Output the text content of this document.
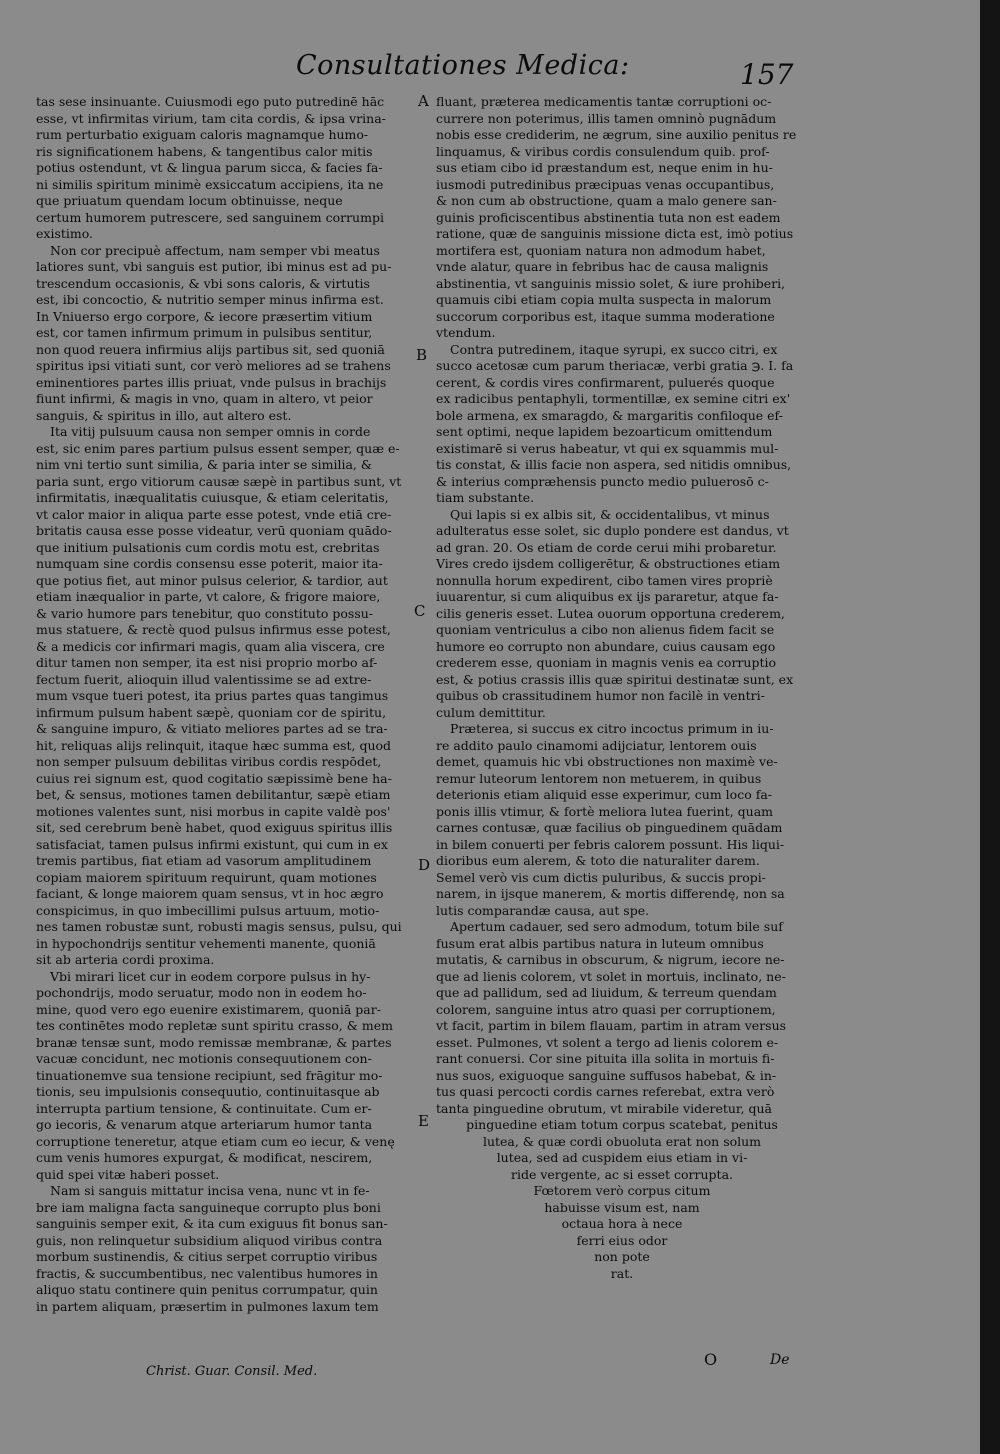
Consultationes Medica:	157
tas sese insinuante. Cuiusmodi ego puto putredinē hāc
esse, vt infirmitas virium, tam cita cordis, & ipsa vrina-
rum perturbatio exiguam caloris magnamque humo-
ris significationem habens, & tangentibus calor mitis
potius ostendunt, vt & lingua parum sicca, & facies fa-
ni similis spiritum minimè exsiccatum accipiens, ita ne
que priuatum quendam locum obtinuisse, neque
certum humorem putrescere, sed sanguinem corrumpi
existimo.
Non cor precipuè affectum, nam semper vbi meatus
latiores sunt, vbi sanguis est putior, ibi minus est ad pu-
trescendum occasionis, & vbi sons caloris, & virtutis
est, ibi concoctio, & nutritio semper minus infirma est.
In Vniuerso ergo corpore, & iecore præsertim vitium
est, cor tamen infirmum primum in pulsibus sentitur,
non quod reuera infirmius alijs partibus sit, sed quoniā
spiritus ipsi vitiati sunt, cor verò meliores ad se trahens
eminentiores partes illis priuat, vnde pulsus in brachijs
fiunt infirmi, & magis in vno, quam in altero, vt peior
sanguis, & spiritus in illo, aut altero est.
Ita vitij pulsuum causa non semper omnis in corde
est, sic enim pares partium pulsus essent semper, quæ e-
nim vni tertio sunt similia, & paria inter se similia, &
paria sunt, ergo vitiorum causæ sæpè in partibus sunt, vt
infirmitatis, inæqualitatis cuiusque, & etiam celeritatis,
vt calor maior in aliqua parte esse potest, vnde etiā cre-
britatis causa esse posse videatur, verū quoniam quādo-
que initium pulsationis cum cordis motu est, crebritas
numquam sine cordis consensu esse poterit, maior ita-
que potius fiet, aut minor pulsus celerior, & tardior, aut
etiam inæqualior in parte, vt calore, & frigore maiore,
& vario humore pars tenebitur, quo constituto possu-
mus statuere, & rectè quod pulsus infirmus esse potest,
& a medicis cor infirmari magis, quam alia viscera, cre
ditur tamen non semper, ita est nisi proprio morbo af-
fectum fuerit, alioquin illud valentissime se ad extre-
mum vsque tueri potest, ita prius partes quas tangimus
infirmum pulsum habent sæpè, quoniam cor de spiritu,
& sanguine impuro, & vitiato meliores partes ad se tra-
hit, reliquas alijs relinquit, itaque hæc summa est, quod
non semper pulsuum debilitas viribus cordis respōdet,
cuius rei signum est, quod cogitatio sæpissimè bene ha-
bet, & sensus, motiones tamen debilitantur, sæpè etiam
motiones valentes sunt, nisi morbus in capite valdè pos'
sit, sed cerebrum benè habet, quod exiguus spiritus illis
satisfaciat, tamen pulsus infirmi existunt, qui cum in ex
tremis partibus, fiat etiam ad vasorum amplitudinem
copiam maiorem spirituum requirunt, quam motiones
faciant, & longe maiorem quam sensus, vt in hoc ægro
conspicimus, in quo imbecillimi pulsus artuum, motio-
nes tamen robustæ sunt, robusti magis sensus, pulsu, qui
in hypochondrijs sentitur vehementi manente, quoniā
sit ab arteria cordi proxima.
Vbi mirari licet cur in eodem corpore pulsus in hy-
pochondrijs, modo seruatur, modo non in eodem ho-
mine, quod vero ego euenire existimarem, quoniā par-
tes continētes modo repletæ sunt spiritu crasso, & mem
branæ tensæ sunt, modo remissæ membranæ, & partes
vacuæ concidunt, nec motionis consequutionem con-
tinuationemve sua tensione recipiunt, sed frāgitur mo-
tionis, seu impulsionis consequutio, continuitasque ab
interrupta partium tensione, & continuitate. Cum er-
go iecoris, & venarum atque arteriarum humor tanta
corruptione teneretur, atque etiam cum eo iecur, & venę
cum venis humores expurgat, & modificat, nescirem,
quid spei vitæ haberi posset.
Nam si sanguis mittatur incisa vena, nunc vt in fe-
bre iam maligna facta sanguineque corrupto plus boni
sanguinis semper exit, & ita cum exiguus fit bonus san-
guis, non relinquetur subsidium aliquod viribus contra
morbum sustinendis, & citius serpet corruptio viribus
fractis, & succumbentibus, nec valentibus humores in
aliquo statu continere quin penitus corrumpatur, quin
in partem aliquam, præsertim in pulmones laxum tem
fluant, præterea medicamentis tantæ corruptioni oc-
currere non poterimus, illis tamen omninò pugnādum
nobis esse crediderim, ne ægrum, sine auxilio penitus re
linquamus, & viribus cordis consulendum quib. prof-
sus etiam cibo id præstandum est, neque enim in hu-
iusmodi putredinibus præcipuas venas occupantibus,
& non cum ab obstructione, quam a malo genere san-
guinis proficiscentibus abstinentia tuta non est eadem
ratione, quæ de sanguinis missione dicta est, imò potius
mortifera est, quoniam natura non admodum habet,
vnde alatur, quare in febribus hac de causa malignis
abstinentia, vt sanguinis missio solet, & iure prohiberi,
quamuis cibi etiam copia multa suspecta in malorum
succorum corporibus est, itaque summa moderatione
vtendum.
Contra putredinem, itaque syrupi, ex succo citri, ex
succo acetosæ cum parum theriacæ, verbi gratia ℈. I. fa
cerent, & cordis vires confirmarent, puluerés quoque
ex radicibus pentaphyli, tormentillæ, ex semine citri ex'
bole armena, ex smaragdo, & margaritis confiloque ef-
sent optimi, neque lapidem bezoarticum omittendum
existimarē si verus habeatur, vt qui ex squammis mul-
tis constat, & illis facie non aspera, sed nitidis omnibus,
& interius compræhensis puncto medio puluerosō c-
tiam substante.
Qui lapis si ex albis sit, & occidentalibus, vt minus
adulteratus esse solet, sic duplo pondere est dandus, vt
ad gran. 20. Os etiam de corde cerui mihi probaretur.
Vires credo ijsdem colligerētur, & obstructiones etiam
nonnulla horum expedirent, cibo tamen vires propriè
iuuarentur, si cum aliquibus ex ijs pararetur, atque fa-
cilis generis esset. Lutea ouorum opportuna crederem,
quoniam ventriculus a cibo non alienus fidem facit se
humore eo corrupto non abundare, cuius causam ego
crederem esse, quoniam in magnis venis ea corruptio
est, & potius crassis illis quæ spiritui destinatæ sunt, ex
quibus ob crassitudinem humor non facilè in ventri-
culum demittitur.
Præterea, si succus ex citro incoctus primum in iu-
re addito paulo cinamomi adijciatur, lentorem ouis
demet, quamuis hic vbi obstructiones non maximè ve-
remur luteorum lentorem non metuerem, in quibus
deterionis etiam aliquid esse experimur, cum loco fa-
ponis illis vtimur, & fortè meliora lutea fuerint, quam
carnes contusæ, quæ facilius ob pinguedinem quādam
in bilem conuerti per febris calorem possunt. His liqui-
dioribus eum alerem, & toto die naturaliter darem.
Semel verò vis cum dictis puluribus, & succis propi-
narem, in ijsque manerem, & mortis differendę, non sa
lutis comparandæ causa, aut spe.
Apertum cadauer, sed sero admodum, totum bile suf
fusum erat albis partibus natura in luteum omnibus
mutatis, & carnibus in obscurum, & nigrum, iecore ne-
que ad lienis colorem, vt solet in mortuis, inclinato, ne-
que ad pallidum, sed ad liuidum, & terreum quendam
colorem, sanguine intus atro quasi per corruptionem,
vt facit, partim in bilem flauam, partim in atram versus
esset. Pulmones, vt solent a tergo ad lienis colorem e-
rant conuersi. Cor sine pituita illa solita in mortuis fi-
nus suos, exiguoque sanguine suffusos habebat, & in-
tus quasi percocti cordis carnes referebat, extra verò
tanta pinguedine obrutum, vt mirabile videretur, quā
pinguedine etiam totum corpus scatebat, penitus
lutea, & quæ cordi obuoluta erat non solum
lutea, sed ad cuspidem eius etiam in vi-
ride vergente, ac si esset corrupta.
Fœtorem verò corpus citum
habuisse visum est, nam
octaua hora à nece
ferri eius odor
non pote
rat.
A
B
C
D
E
Christ. Guar. Consil. Med.
O	De
